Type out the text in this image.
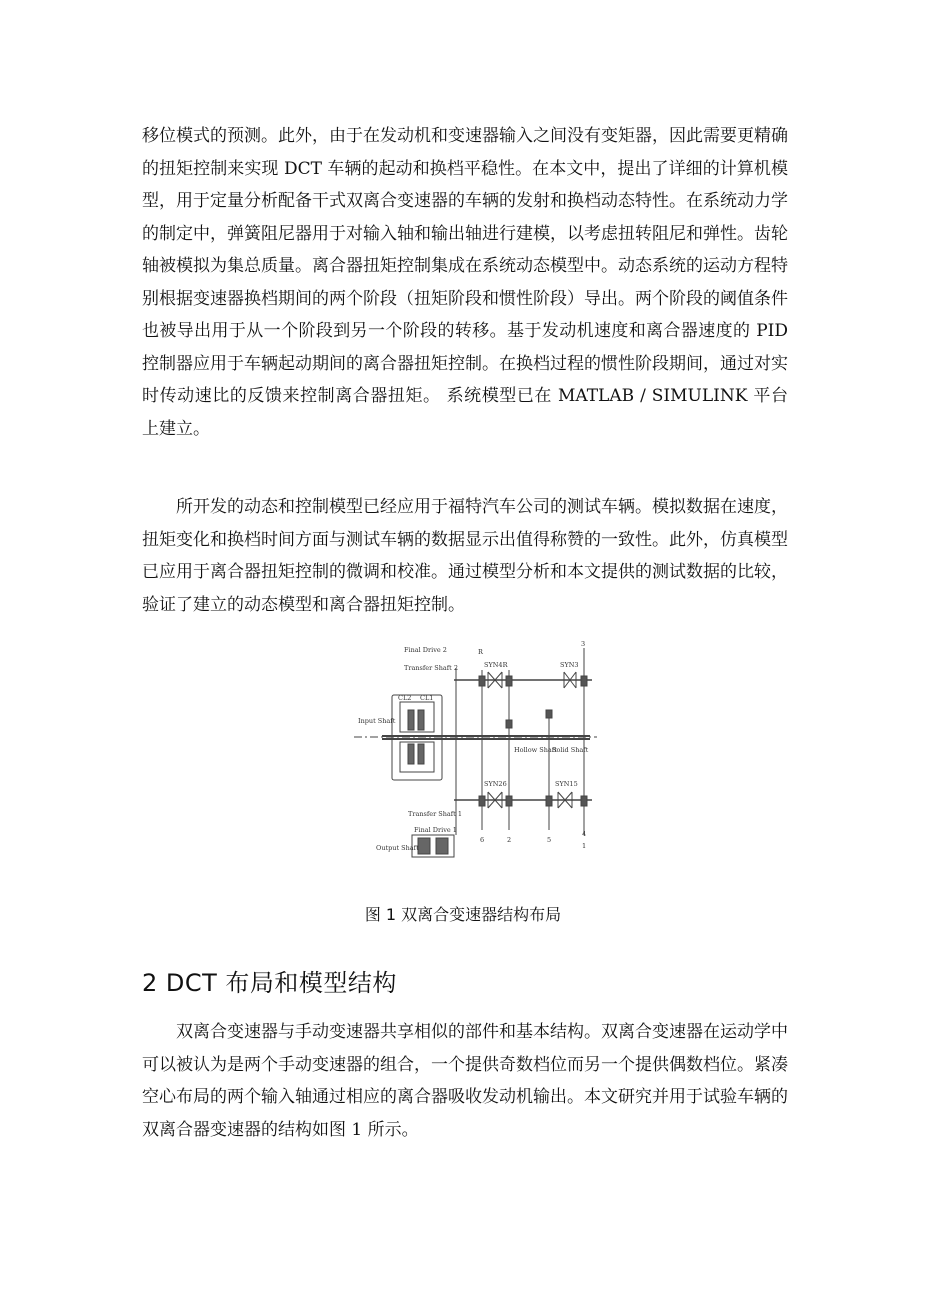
移位模式的预测。此外，由于在发动机和变速器输入之间没有变矩器，因此需要更精确的扭矩控制来实现 DCT 车辆的起动和换档平稳性。在本文中，提出了详细的计算机模型，用于定量分析配备干式双离合变速器的车辆的发射和换档动态特性。在系统动力学的制定中，弹簧阻尼器用于对输入轴和输出轴进行建模，以考虑扭转阻尼和弹性。齿轮轴被模拟为集总质量。离合器扭矩控制集成在系统动态模型中。动态系统的运动方程特别根据变速器换档期间的两个阶段（扭矩阶段和惯性阶段）导出。两个阶段的阈值条件也被导出用于从一个阶段到另一个阶段的转移。基于发动机速度和离合器速度的 PID 控制器应用于车辆起动期间的离合器扭矩控制。在换档过程的惯性阶段期间，通过对实时传动速比的反馈来控制离合器扭矩。 系统模型已在 MATLAB / SIMULINK 平台上建立。

所开发的动态和控制模型已经应用于福特汽车公司的测试车辆。模拟数据在速度，扭矩变化和换档时间方面与测试车辆的数据显示出值得称赞的一致性。此外，仿真模型已应用于离合器扭矩控制的微调和校准。通过模型分析和本文提供的测试数据的比较，验证了建立的动态模型和离合器扭矩控制。

Final Drive 2
Transfer Shaft 2
R
SYN4R	SYN3
3
CL2 CL1
Input Shaft
Hollow Shaft
Solid Shaft
SYN26	SYN15
Transfer Shaft 1
Final Drive 1
Output Shaft
6	2	5
4
1
图 1 双离合变速器结构布局
2 DCT 布局和模型结构

双离合变速器与手动变速器共享相似的部件和基本结构。双离合变速器在运动学中可以被认为是两个手动变速器的组合，一个提供奇数档位而另一个提供偶数档位。紧凑空心布局的两个输入轴通过相应的离合器吸收发动机输出。本文研究并用于试验车辆的双离合器变速器的结构如图 1 所示。
